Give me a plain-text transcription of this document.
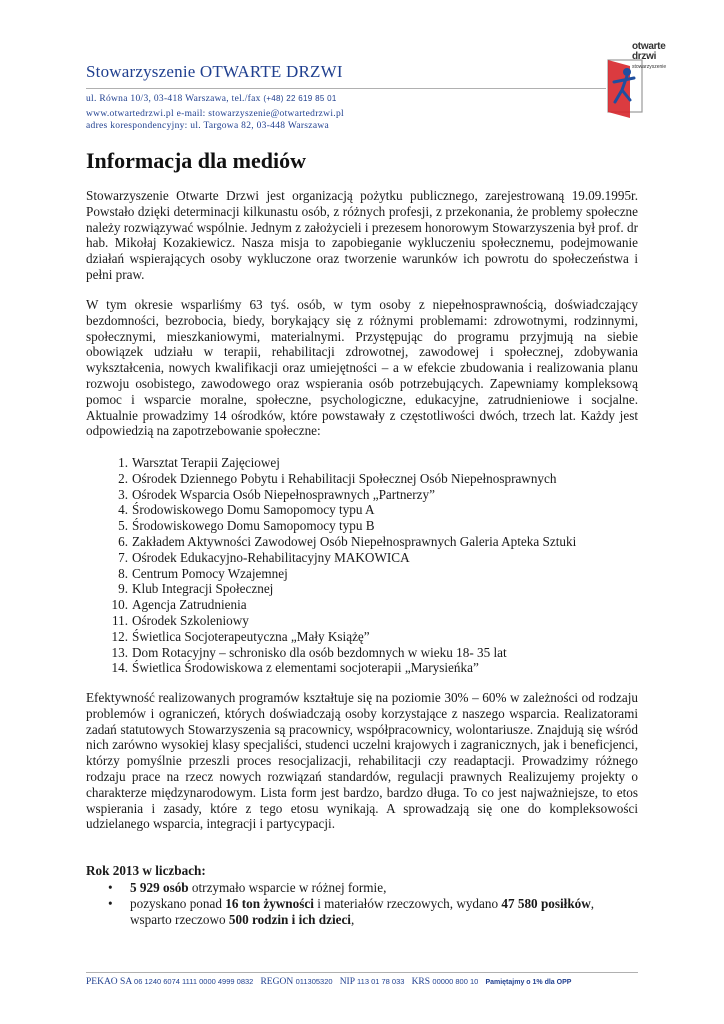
Stowarzyszenie OTWARTE DRZWI
ul. Równa 10/3, 03-418 Warszawa, tel./fax (+48) 22 619 85 01
www.otwartedrzwi.pl e-mail: stowarzyszenie@otwartedrzwi.pl
adres korespondencyjny: ul. Targowa 82, 03-448 Warszawa
otwarte
drzwi
stowarzyszenie
Informacja dla mediów
Stowarzyszenie Otwarte Drzwi jest organizacją pożytku publicznego, zarejestrowaną 19.09.1995r. Powstało dzięki determinacji kilkunastu osób, z różnych profesji, z przekonania, że problemy społeczne należy rozwiązywać wspólnie. Jednym z założycieli i prezesem honorowym Stowarzyszenia był prof. dr hab. Mikołaj Kozakiewicz. Nasza misja to zapobieganie wykluczeniu społecznemu, podejmowanie działań wspierających osoby wykluczone oraz tworzenie warunków ich powrotu do społeczeństwa i pełni praw.
W tym okresie wsparliśmy 63 tyś. osób, w tym osoby z niepełnosprawnością, doświadczający bezdomności, bezrobocia, biedy, borykający się z różnymi problemami: zdrowotnymi, rodzinnymi, społecznymi, mieszkaniowymi, materialnymi. Przystępując do programu przyjmują na siebie obowiązek udziału w terapii, rehabilitacji zdrowotnej, zawodowej i społecznej, zdobywania wykształcenia, nowych kwalifikacji oraz umiejętności – a w efekcie zbudowania i realizowania planu rozwoju osobistego, zawodowego oraz wspierania osób potrzebujących. Zapewniamy kompleksową pomoc i wsparcie moralne, społeczne, psychologiczne, edukacyjne, zatrudnieniowe i socjalne. Aktualnie prowadzimy 14 ośrodków, które powstawały z częstotliwości dwóch, trzech lat. Każdy jest odpowiedzią na zapotrzebowanie społeczne:
1. Warsztat Terapii Zajęciowej
2. Ośrodek Dziennego Pobytu i Rehabilitacji Społecznej Osób Niepełnosprawnych
3. Ośrodek Wsparcia Osób Niepełnosprawnych „Partnerzy”
4. Środowiskowego Domu Samopomocy typu A
5. Środowiskowego Domu Samopomocy typu B
6. Zakładem Aktywności Zawodowej Osób Niepełnosprawnych Galeria Apteka Sztuki
7. Ośrodek Edukacyjno-Rehabilitacyjny MAKOWICA
8. Centrum Pomocy Wzajemnej
9. Klub Integracji Społecznej
10. Agencja Zatrudnienia
11. Ośrodek Szkoleniowy
12. Świetlica Socjoterapeutyczna „Mały Książę”
13. Dom Rotacyjny – schronisko dla osób bezdomnych w wieku 18- 35 lat
14. Świetlica Środowiskowa z elementami socjoterapii „Marysieńka”
Efektywność realizowanych programów kształtuje się na poziomie 30% – 60% w zależności od rodzaju problemów i ograniczeń, których doświadczają osoby korzystające z naszego wsparcia. Realizatorami zadań statutowych Stowarzyszenia są pracownicy, współpracownicy, wolontariusze. Znajdują się wśród nich zarówno wysokiej klasy specjaliści, studenci uczelni krajowych i zagranicznych, jak i beneficjenci, którzy pomyślnie przeszli proces resocjalizacji, rehabilitacji czy readaptacji. Prowadzimy różnego rodzaju prace na rzecz nowych rozwiązań standardów, regulacji prawnych Realizujemy projekty o charakterze międzynarodowym. Lista form jest bardzo, bardzo długa. To co jest najważniejsze, to etos wspierania i zasady, które z tego etosu wynikają. A sprowadzają się one do kompleksowości udzielanego wsparcia, integracji i partycypacji.
Rok 2013 w liczbach:
• 5 929 osób otrzymało wsparcie w różnej formie,
• pozyskano ponad 16 ton żywności i materiałów rzeczowych, wydano 47 580 posiłków, wsparto rzeczowo 500 rodzin i ich dzieci,
PEKAO SA 06 1240 6074 1111 0000 4999 0832 REGON 011305320 NIP 113 01 78 033 KRS 00000 800 10 Pamiętajmy o 1% dla OPP
